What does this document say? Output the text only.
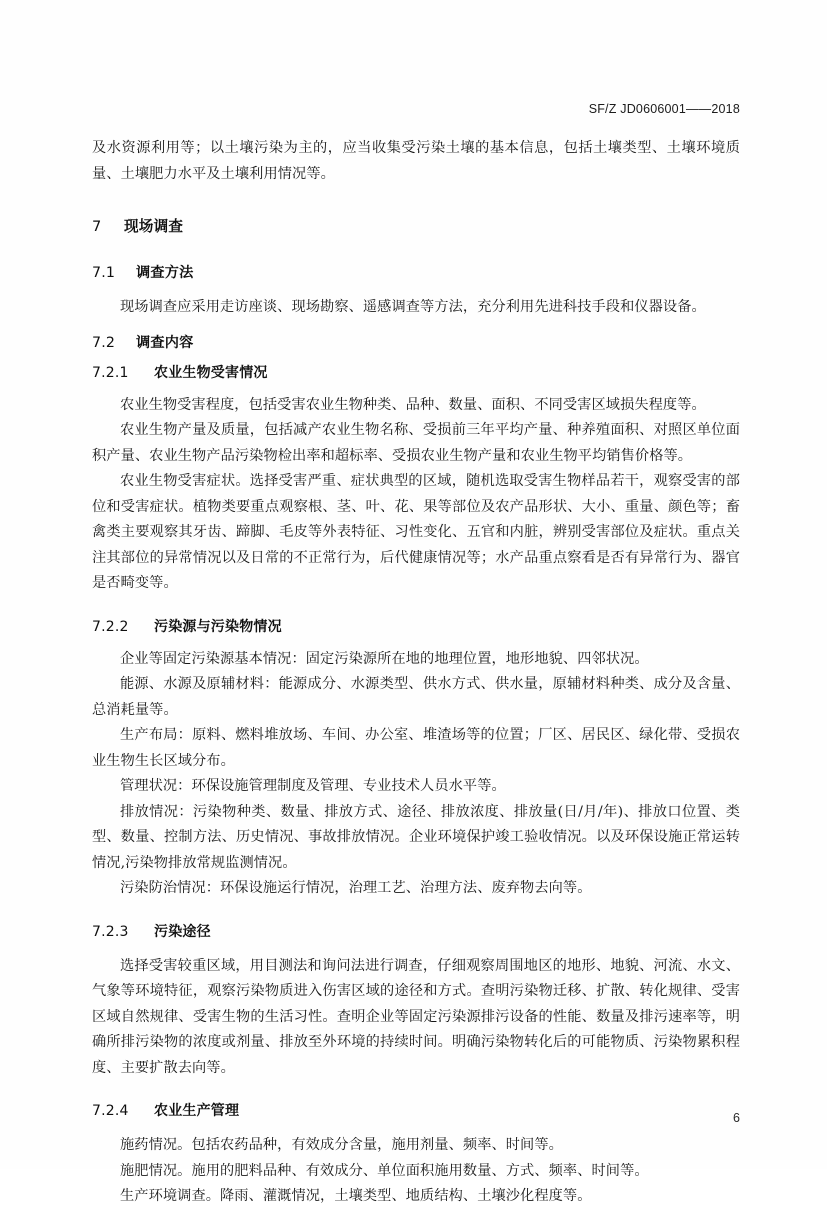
SF/Z JD0606001——2018

及水资源利用等；以土壤污染为主的，应当收集受污染土壤的基本信息，包括土壤类型、土壤环境质量、土壤肥力水平及土壤利用情况等。

7 现场调查
7.1 调查方法

现场调查应采用走访座谈、现场勘察、遥感调查等方法，充分利用先进科技手段和仪器设备。

7.2 调查内容
7.2.1 农业生物受害情况

农业生物受害程度，包括受害农业生物种类、品种、数量、面积、不同受害区域损失程度等。

农业生物产量及质量，包括减产农业生物名称、受损前三年平均产量、种养殖面积、对照区单位面积产量、农业生物产品污染物检出率和超标率、受损农业生物产量和农业生物平均销售价格等。

农业生物受害症状。选择受害严重、症状典型的区域，随机选取受害生物样品若干，观察受害的部位和受害症状。植物类要重点观察根、茎、叶、花、果等部位及农产品形状、大小、重量、颜色等；畜禽类主要观察其牙齿、蹄脚、毛皮等外表特征、习性变化、五官和内脏，辨别受害部位及症状。重点关注其部位的异常情况以及日常的不正常行为，后代健康情况等；水产品重点察看是否有异常行为、器官是否畸变等。

7.2.2 污染源与污染物情况

企业等固定污染源基本情况：固定污染源所在地的地理位置，地形地貌、四邻状况。

能源、水源及原辅材料：能源成分、水源类型、供水方式、供水量，原辅材料种类、成分及含量、总消耗量等。

生产布局：原料、燃料堆放场、车间、办公室、堆渣场等的位置；厂区、居民区、绿化带、受损农业生物生长区域分布。

管理状况：环保设施管理制度及管理、专业技术人员水平等。

排放情况：污染物种类、数量、排放方式、途径、排放浓度、排放量(日/月/年)、排放口位置、类型、数量、控制方法、历史情况、事故排放情况。企业环境保护竣工验收情况。以及环保设施正常运转情况,污染物排放常规监测情况。

污染防治情况：环保设施运行情况，治理工艺、治理方法、废弃物去向等。

7.2.3 污染途径

选择受害较重区域，用目测法和询问法进行调查，仔细观察周围地区的地形、地貌、河流、水文、气象等环境特征，观察污染物质进入伤害区域的途径和方式。查明污染物迁移、扩散、转化规律、受害区域自然规律、受害生物的生活习性。查明企业等固定污染源排污设备的性能、数量及排污速率等，明确所排污染物的浓度或剂量、排放至外环境的持续时间。明确污染物转化后的可能物质、污染物累积程度、主要扩散去向等。

7.2.4 农业生产管理

施药情况。包括农药品种，有效成分含量，施用剂量、频率、时间等。

施肥情况。施用的肥料品种、有效成分、单位面积施用数量、方式、频率、时间等。

生产环境调查。降雨、灌溉情况，土壤类型、地质结构、土壤沙化程度等。

6
